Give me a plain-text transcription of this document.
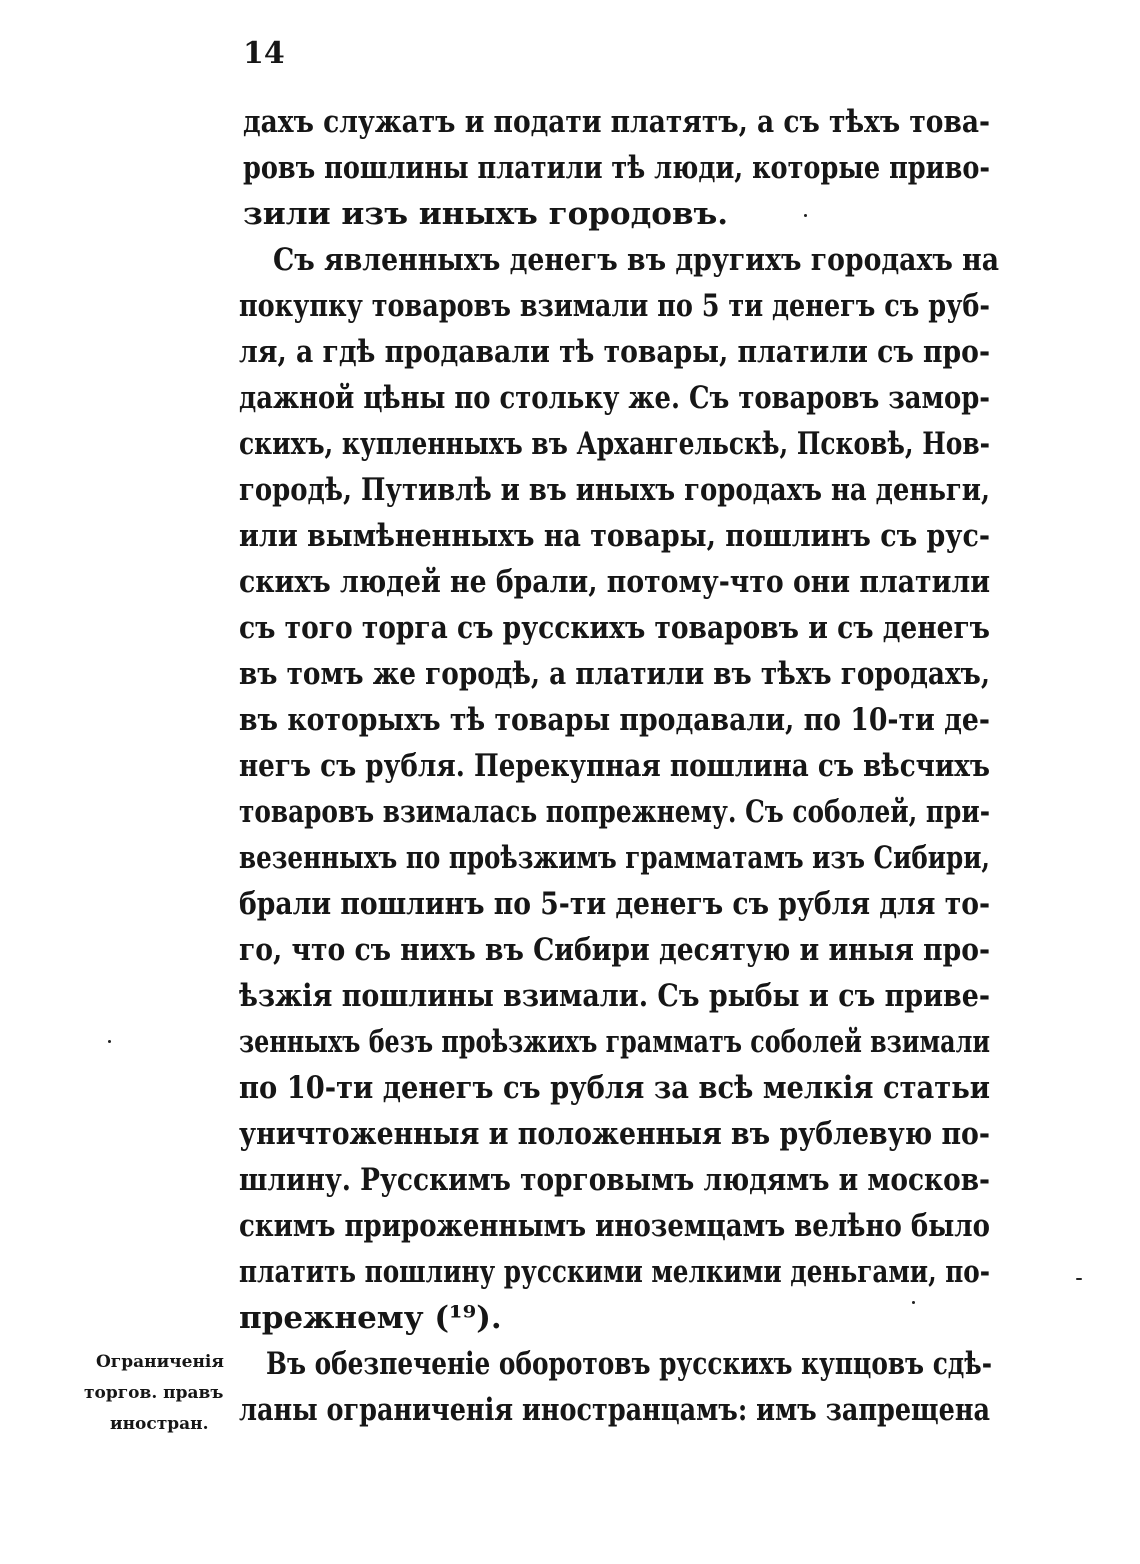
14
дахъ служатъ и подати платятъ, а съ тѣхъ това-
ровъ пошлины платили тѣ люди, которые приво-
зили изъ иныхъ городовъ.
Съ явленныхъ денегъ въ другихъ городахъ на
покупку товаровъ взимали по 5 ти денегъ съ руб-
ля, а гдѣ продавали тѣ товары, платили съ про-
дажной цѣны по стольку же. Съ товаровъ замор-
скихъ, купленныхъ въ Архангельскѣ, Псковѣ, Нов-
городѣ, Путивлѣ и въ иныхъ городахъ на деньги,
или вымѣненныхъ на товары, пошлинъ съ рус-
скихъ людей не брали, потому-что они платили
съ того торга съ русскихъ товаровъ и съ денегъ
въ томъ же городѣ, а платили въ тѣхъ городахъ,
въ которыхъ тѣ товары продавали, по 10-ти де-
негъ съ рубля. Перекупная пошлина съ вѣсчихъ
товаровъ взималась попрежнему. Съ соболей, при-
везенныхъ по проѣзжимъ грамматамъ изъ Сибири,
брали пошлинъ по 5-ти денегъ съ рубля для то-
го, что съ нихъ въ Сибири десятую и иныя про-
ѣзжія пошлины взимали. Съ рыбы и съ приве-
зенныхъ безъ проѣзжихъ грамматъ соболей взимали
по 10-ти денегъ съ рубля за всѣ мелкія статьи
уничтоженныя и положенныя въ рублевую по-
шлину. Русскимъ торговымъ людямъ и москов-
скимъ прироженнымъ иноземцамъ велѣно было
платить пошлину русскими мелкими деньгами, по-
прежнему (¹⁹).
Въ обезпеченіе оборотовъ русскихъ купцовъ сдѣ-
ланы ограниченія иностранцамъ: имъ запрещена
Ограниченія
торгов. правъ
иностран.
